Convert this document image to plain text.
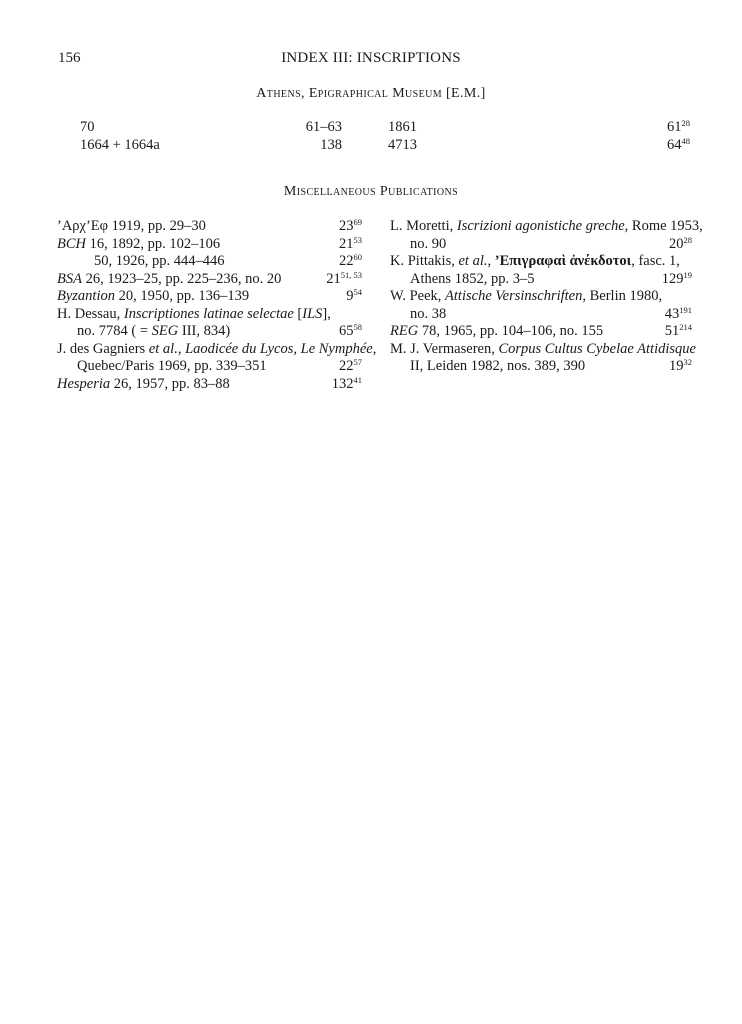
156	INDEX III: INSCRIPTIONS
Athens, Epigraphical Museum [E.M.]
70	61–63	1861	$61^{28}$
1664 + 1664a	138	4713	$64^{48}$
Miscellaneous Publications
’Αρχ’Εφ 1919, pp. 29–30	$23^{69}$
BCH 16, 1892, pp. 102–106	$21^{53}$
50, 1926, pp. 444–446	$22^{60}$
BSA 26, 1923–25, pp. 225–236, no. 20	21$^{51, 53}$
Byzantion 20, 1950, pp. 136–139	$9^{54}$
H. Dessau, Inscriptiones latinae selectae [ILS],
no. 7784 ( = SEG III, 834)	$65^{58}$
J. des Gagniers et al., Laodicée du Lycos, Le Nymphée,
Quebec/Paris 1969, pp. 339–351	$22^{57}$
Hesperia 26, 1957, pp. 83–88	$132^{41}$
L. Moretti, Iscrizioni agonistiche greche, Rome 1953,
no. 90	$20^{28}$
K. Pittakis, et al., ’Επιγραφαὶ ἀνέκδοτοι, fasc. 1,
Athens 1852, pp. 3–5	$129^{19}$
W. Peek, Attische Versinschriften, Berlin 1980,
no. 38	$43^{191}$
REG 78, 1965, pp. 104–106, no. 155	$51^{214}$
M. J. Vermaseren, Corpus Cultus Cybelae Attidisque
II, Leiden 1982, nos. 389, 390	$19^{32}$
